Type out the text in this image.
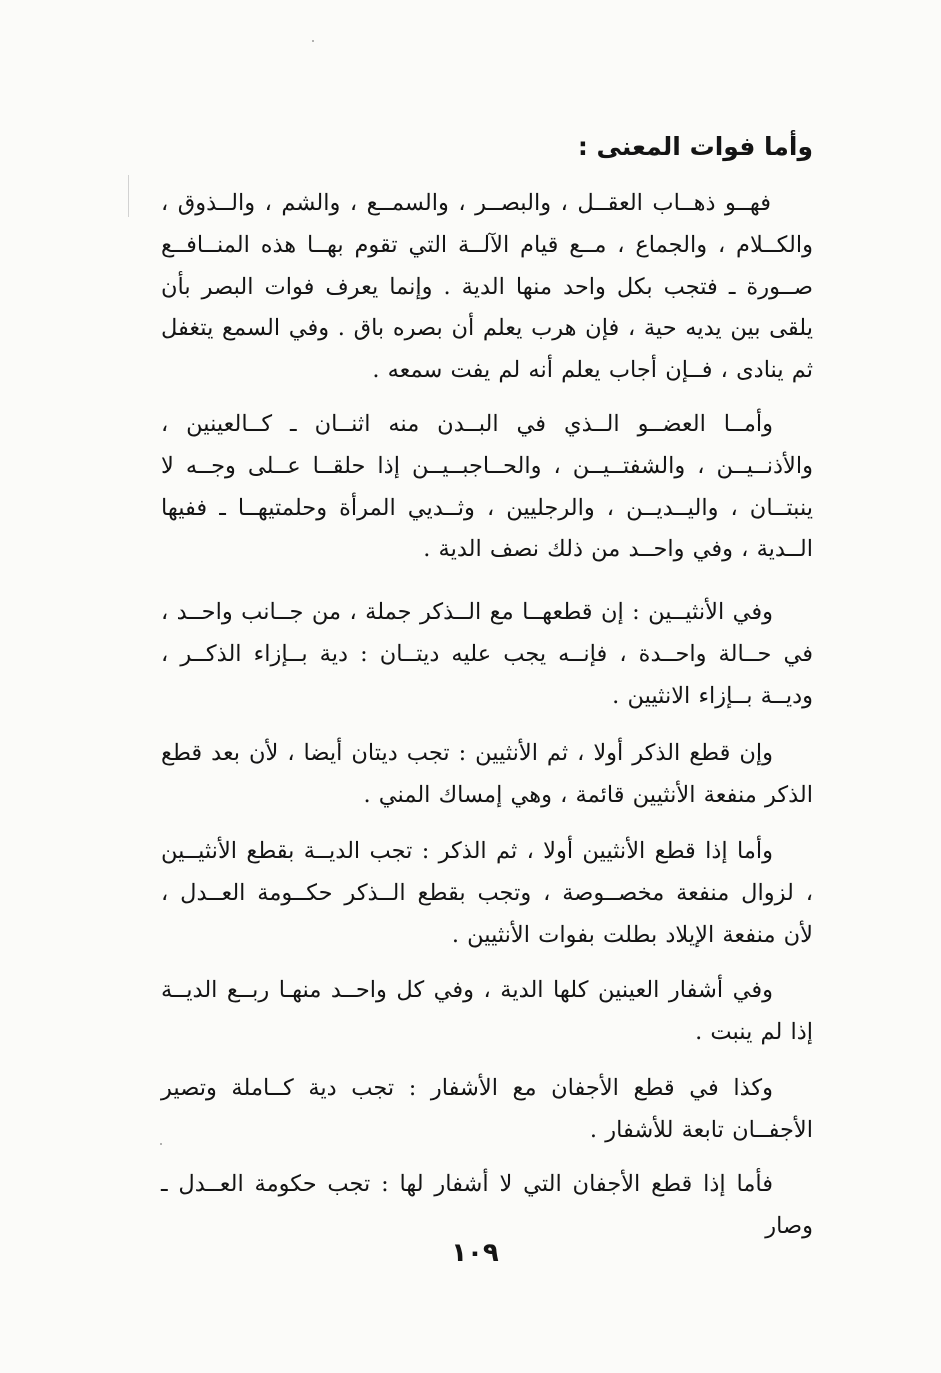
وأما فوات المعنى :
فهــو ذهــاب العقــل ، والبصــر ، والسمــع ، والشم ، والــذوق ، والكــلام ، والجماع ، مــع قيام الآلــة التي تقوم بهــا هذه المنــافــع صــورة ـ فتجب بكل واحد منها الدية . وإنما يعرف فوات البصر بأن يلقى بين يديه حية ، فإن هرب يعلم أن بصره باق . وفي السمع يتغفل ثم ينادى ، فــإن أجاب يعلم أنه لم يفت سمعه .
وأمــا العضــو الــذي في البــدن منه اثنــان ـ كــالعينين ، والأذنــيــن ، والشفتــيــن ، والحــاجبــيــن إذا حلقــا عــلى وجــه لا ينبتــان ، واليــديــن ، والرجليين ، وثــديي المرأة وحلمتيهــا ـ ففيها الــدية ، وفي واحــد من ذلك نصف الدية .
وفي الأنثيــين : إن قطعهــا مع الــذكر جملة ، من جــانب واحــد ، في حــالة واحــدة ، فإنــه يجب عليه ديتــان : دية بــإزاء الذكــر ، وديــة بــإزاء الانثيين .
وإن قطع الذكر أولا ، ثم الأنثيين : تجب ديتان أيضا ، لأن بعد قطع الذكر منفعة الأنثيين قائمة ، وهي إمساك المني .
وأما إذا قطع الأنثيين أولا ، ثم الذكر : تجب الديــة بقطع الأنثيــين ، لزوال منفعة مخصــوصة ، وتجب بقطع الــذكر حكــومة العــدل ، لأن منفعة الإيلاد بطلت بفوات الأنثيين .
وفي أشفار العينين كلها الدية ، وفي كل واحــد منهـا ربــع الديــة إذا لم ينبت .
وكذا في قطع الأجفان مع الأشفار : تجب دية كــاملة وتصير الأجفــان تابعة للأشفار .
فأما إذا قطع الأجفان التي لا أشفار لها : تجب حكومة العــدل ـ وصار
١٠٩
